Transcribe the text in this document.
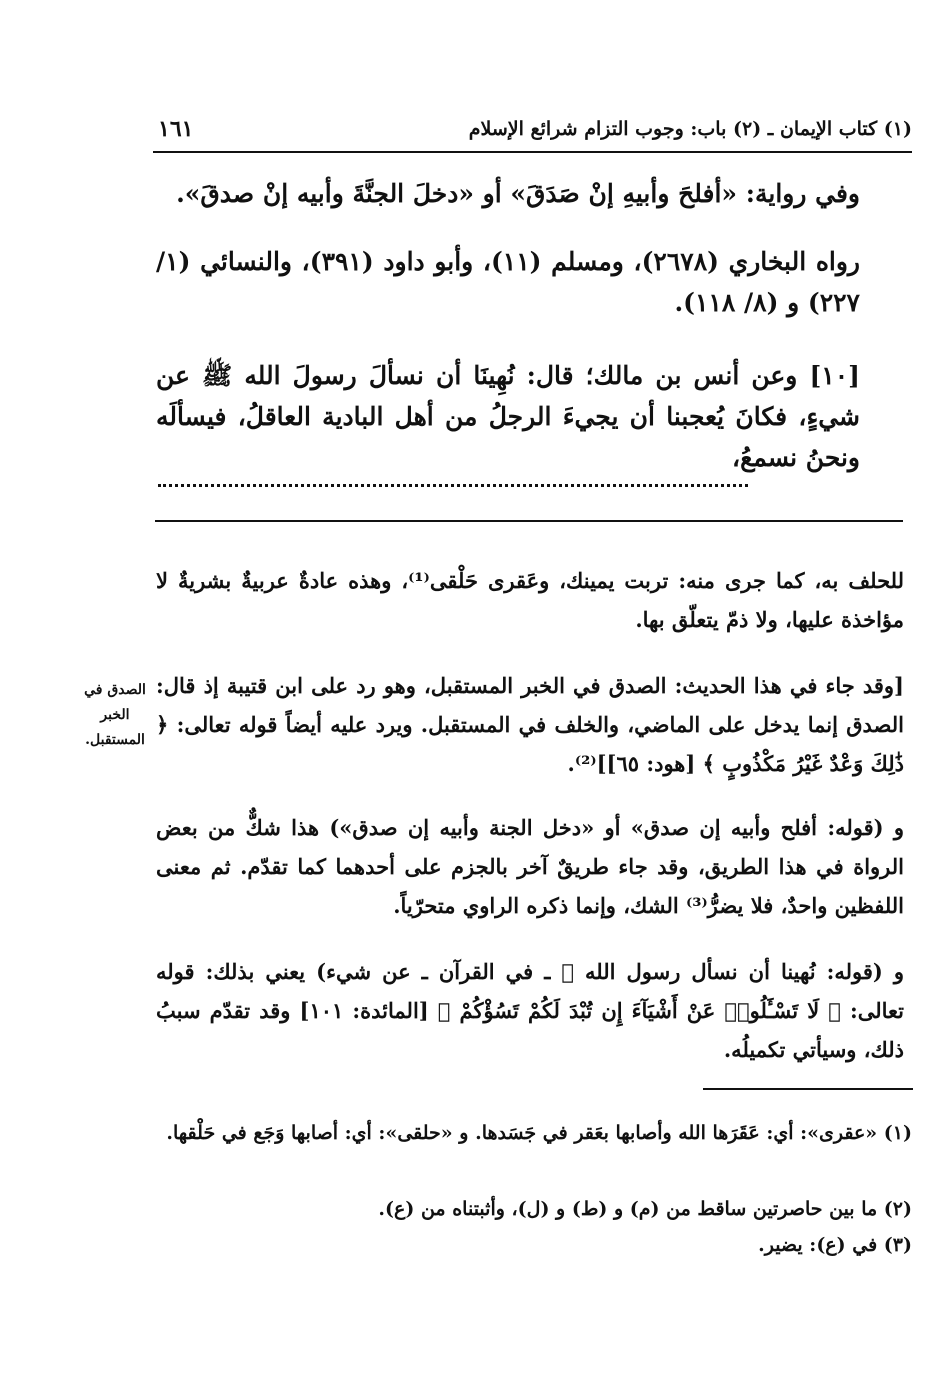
(١) كتاب الإيمان ـ (٢) باب: وجوب التزام شرائع الإسلام
١٦١

وفي رواية: «أفلحَ وأبيهِ إنْ صَدَقَ» أو «دخلَ الجنَّةَ وأبيه إنْ صدقَ».

رواه البخاري (٢٦٧٨)، ومسلم (١١)، وأبو داود (٣٩١)، والنسائي (١/ ٢٢٧) و (٨/ ١١٨).

[١٠] وعن أنس بن مالك؛ قال: نُهِينَا أن نسألَ رسولَ الله ﷺ عن شيءٍ، فكانَ يُعجبنا أن يجيءَ الرجلُ من أهل البادية العاقلُ، فيسألَه ونحنُ نسمعُ،

للحلف به، كما جرى منه: تربت يمينك، وعَقرى حَلْقى⁽¹⁾، وهذه عادةٌ عربيةٌ بشريةٌ لا مؤاخذة عليها، ولا ذمّ يتعلّق بها.

[وقد جاء في هذا الحديث: الصدق في الخبر المستقبل، وهو رد على ابن قتيبة إذ قال: الصدق إنما يدخل على الماضي، والخلف في المستقبل. ويرد عليه أيضاً قوله تعالى: ﴿ ذَٰلِكَ وَعْدٌ غَيْرُ مَكْذُوبٍ ﴾ [هود: ٦٥]]⁽²⁾.

الصدق في الخبر المستقبل.

و (قوله: أفلح وأبيه إن صدق» أو «دخل الجنة وأبيه إن صدق») هذا شكٌّ من بعض الرواة في هذا الطريق، وقد جاء طريقٌ آخر بالجزم على أحدهما كما تقدّم. ثم معنى اللفظين واحدٌ، فلا يضرُّ⁽³⁾ الشك، وإنما ذكره الراوي متحرّياً.

و (قوله: نُهينا أن نسأل رسول الله ﷺ ـ في القرآن ـ عن شيء) يعني بذلك: قوله تعالى: ﴿ لَا تَسْـَٔلُوا۟ عَنْ أَشْيَآءَ إِن تُبْدَ لَكُمْ تَسُؤْكُمْ ﴾ [المائدة: ١٠١] وقد تقدّم سببُ ذلك، وسيأتي تكميلُه.

(١) «عقرى»: أي: عَقَرَها الله وأصابها بعَقر في جَسَدها. و «حلقى»: أي: أصابها وَجَع في حَلْقها.

(٢) ما بين حاصرتين ساقط من (م) و (ط) و (ل)، وأثبتناه من (ع).

(٣) في (ع): يضير.
